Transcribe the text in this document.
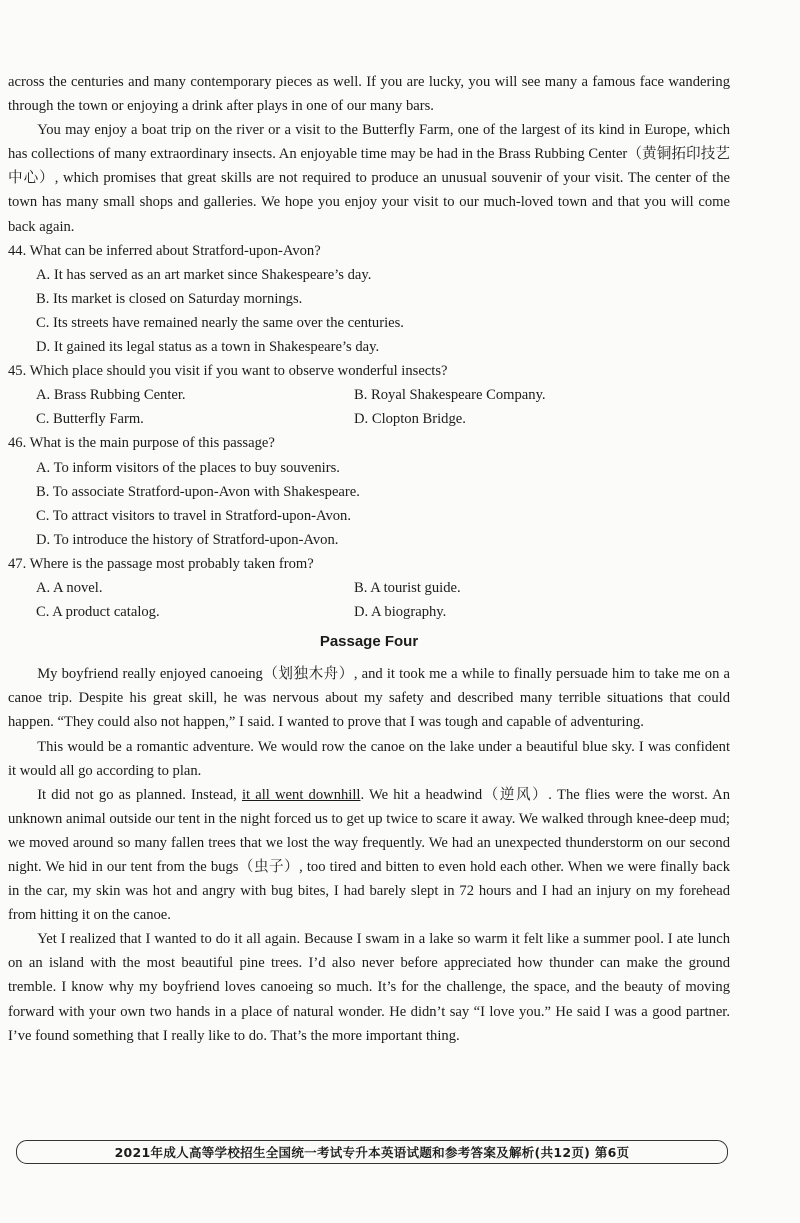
across the centuries and many contemporary pieces as well. If you are lucky, you will see many a famous face wandering through the town or enjoying a drink after plays in one of our many bars.

You may enjoy a boat trip on the river or a visit to the Butterfly Farm, one of the largest of its kind in Europe, which has collections of many extraordinary insects. An enjoyable time may be had in the Brass Rubbing Center（黄铜拓印技艺中心）, which promises that great skills are not required to produce an unusual souvenir of your visit. The center of the town has many small shops and galleries. We hope you enjoy your visit to our much-loved town and that you will come back again.

44. What can be inferred about Stratford-upon-Avon?

A. It has served as an art market since Shakespeare’s day.

B. Its market is closed on Saturday mornings.

C. Its streets have remained nearly the same over the centuries.

D. It gained its legal status as a town in Shakespeare’s day.

45. Which place should you visit if you want to observe wonderful insects?

A. Brass Rubbing Center.	B. Royal Shakespeare Company.
C. Butterfly Farm.	D. Clopton Bridge.

46. What is the main purpose of this passage?

A. To inform visitors of the places to buy souvenirs.

B. To associate Stratford-upon-Avon with Shakespeare.

C. To attract visitors to travel in Stratford-upon-Avon.

D. To introduce the history of Stratford-upon-Avon.

47. Where is the passage most probably taken from?

A. A novel.	B. A tourist guide.
C. A product catalog.	D. A biography.

Passage Four

My boyfriend really enjoyed canoeing（划独木舟）, and it took me a while to finally persuade him to take me on a canoe trip. Despite his great skill, he was nervous about my safety and described many terrible situations that could happen. “They could also not happen,” I said. I wanted to prove that I was tough and capable of adventuring.

This would be a romantic adventure. We would row the canoe on the lake under a beautiful blue sky. I was confident it would all go according to plan.

It did not go as planned. Instead, it all went downhill. We hit a headwind（逆风）. The flies were the worst. An unknown animal outside our tent in the night forced us to get up twice to scare it away. We walked through knee-deep mud; we moved around so many fallen trees that we lost the way frequently. We had an unexpected thunderstorm on our second night. We hid in our tent from the bugs（虫子）, too tired and bitten to even hold each other. When we were finally back in the car, my skin was hot and angry with bug bites, I had barely slept in 72 hours and I had an injury on my forehead from hitting it on the canoe.

Yet I realized that I wanted to do it all again. Because I swam in a lake so warm it felt like a summer pool. I ate lunch on an island with the most beautiful pine trees. I’d also never before appreciated how thunder can make the ground tremble. I know why my boyfriend loves canoeing so much. It’s for the challenge, the space, and the beauty of moving forward with your own two hands in a place of natural wonder. He didn’t say “I love you.” He said I was a good partner. I’ve found something that I really like to do. That’s the more important thing.

2021年成人高等学校招生全国统一考试专升本英语试题和参考答案及解析(共12页) 第6页
